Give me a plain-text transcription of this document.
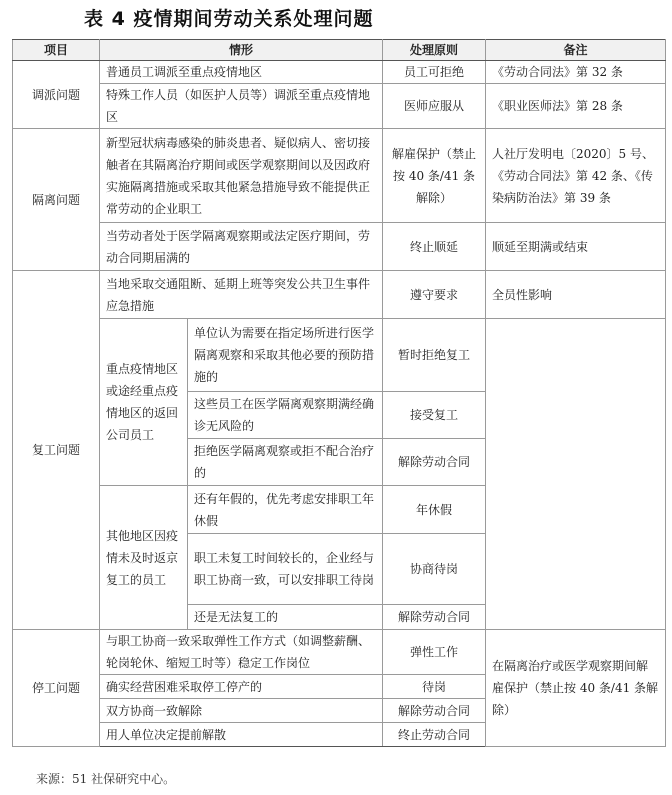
表 4 疫情期间劳动关系处理问题
项目	情形		处理原则	备注
调派问题	普通员工调派至重点疫情地区		员工可拒绝	《劳动合同法》第 32 条
	特殊工作人员（如医护人员等）调派至重点疫情地区		医师应服从	《职业医师法》第 28 条
隔离问题	新型冠状病毒感染的肺炎患者、疑似病人、密切接触者在其隔离治疗期间或医学观察期间以及因政府实施隔离措施或采取其他紧急措施导致不能提供正常劳动的企业职工		解雇保护（禁止按 40 条/41 条解除）	人社厅发明电〔2020〕5 号、《劳动合同法》第 42 条、《传染病防治法》第 39 条
	当劳动者处于医学隔离观察期或法定医疗期间，劳动合同期届满的		终止顺延	顺延至期满或结束
复工问题	当地采取交通阻断、延期上班等突发公共卫生事件应急措施		遵守要求	全员性影响
	重点疫情地区或途经重点疫情地区的返回公司员工	单位认为需要在指定场所进行医学隔离观察和采取其他必要的预防措施的	暂时拒绝复工	
		这些员工在医学隔离观察期满经确诊无风险的	接受复工	
		拒绝医学隔离观察或拒不配合治疗的	解除劳动合同	
	其他地区因疫情未及时返京复工的员工	还有年假的，优先考虑安排职工年休假	年休假	
		职工未复工时间较长的，企业经与职工协商一致，可以安排职工待岗	协商待岗	
		还是无法复工的	解除劳动合同	
停工问题	与职工协商一致采取弹性工作方式（如调整薪酬、轮岗轮休、缩短工时等）稳定工作岗位		弹性工作	在隔离治疗或医学观察期间解雇保护（禁止按 40 条/41 条解除）
	确实经营困难采取停工停产的		待岗	
	双方协商一致解除		解除劳动合同	
	用人单位决定提前解散		终止劳动合同	
来源：51 社保研究中心。
